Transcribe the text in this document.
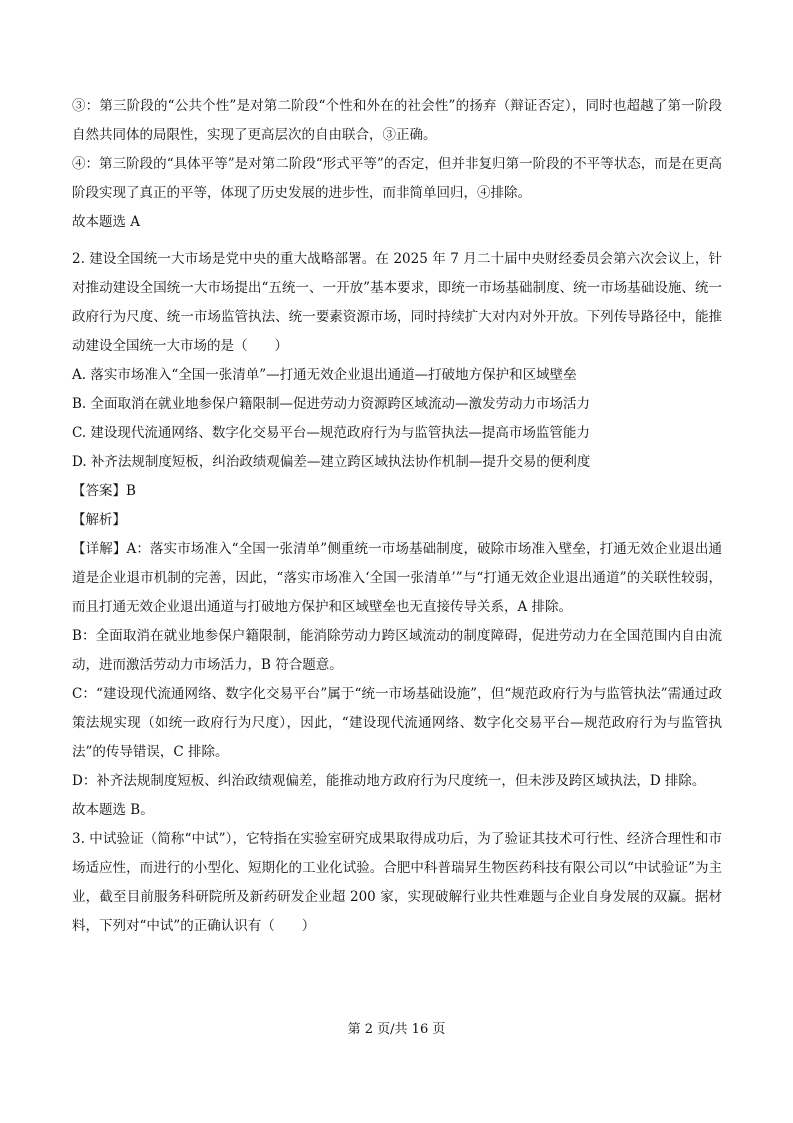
③：第三阶段的“公共个性”是对第二阶段“个性和外在的社会性”的扬弃（辩证否定），同时也超越了第一阶段自然共同体的局限性，实现了更高层次的自由联合，③正确。

④：第三阶段的“具体平等”是对第二阶段“形式平等”的否定，但并非复归第一阶段的不平等状态，而是在更高阶段实现了真正的平等，体现了历史发展的进步性，而非简单回归，④排除。

故本题选 A

2. 建设全国统一大市场是党中央的重大战略部署。在 2025 年 7 月二十届中央财经委员会第六次会议上，针对推动建设全国统一大市场提出“五统一、一开放”基本要求，即统一市场基础制度、统一市场基础设施、统一政府行为尺度、统一市场监管执法、统一要素资源市场，同时持续扩大对内对外开放。下列传导路径中，能推动建设全国统一大市场的是（　　）

A. 落实市场准入“全国一张清单”—打通无效企业退出通道—打破地方保护和区域壁垒

B. 全面取消在就业地参保户籍限制—促进劳动力资源跨区域流动—激发劳动力市场活力

C. 建设现代流通网络、数字化交易平台—规范政府行为与监管执法—提高市场监管能力

D. 补齐法规制度短板，纠治政绩观偏差—建立跨区域执法协作机制—提升交易的便利度

【答案】B

【解析】

【详解】A：落实市场准入“全国一张清单”侧重统一市场基础制度，破除市场准入壁垒，打通无效企业退出通道是企业退市机制的完善，因此，“落实市场准入‘全国一张清单’”与“打通无效企业退出通道”的关联性较弱，而且打通无效企业退出通道与打破地方保护和区域壁垒也无直接传导关系，A 排除。

B：全面取消在就业地参保户籍限制，能消除劳动力跨区域流动的制度障碍，促进劳动力在全国范围内自由流动，进而激活劳动力市场活力，B 符合题意。

C：“建设现代流通网络、数字化交易平台”属于“统一市场基础设施”，但“规范政府行为与监管执法”需通过政策法规实现（如统一政府行为尺度），因此，“建设现代流通网络、数字化交易平台—规范政府行为与监管执法”的传导错误，C 排除。

D：补齐法规制度短板、纠治政绩观偏差，能推动地方政府行为尺度统一，但未涉及跨区域执法，D 排除。

故本题选 B。

3. 中试验证（简称“中试”），它特指在实验室研究成果取得成功后，为了验证其技术可行性、经济合理性和市场适应性，而进行的小型化、短期化的工业化试验。合肥中科普瑞昇生物医药科技有限公司以“中试验证”为主业，截至目前服务科研院所及新药研发企业超 200 家，实现破解行业共性难题与企业自身发展的双赢。据材料，下列对“中试”的正确认识有（　　）

第 2 页/共 16 页
